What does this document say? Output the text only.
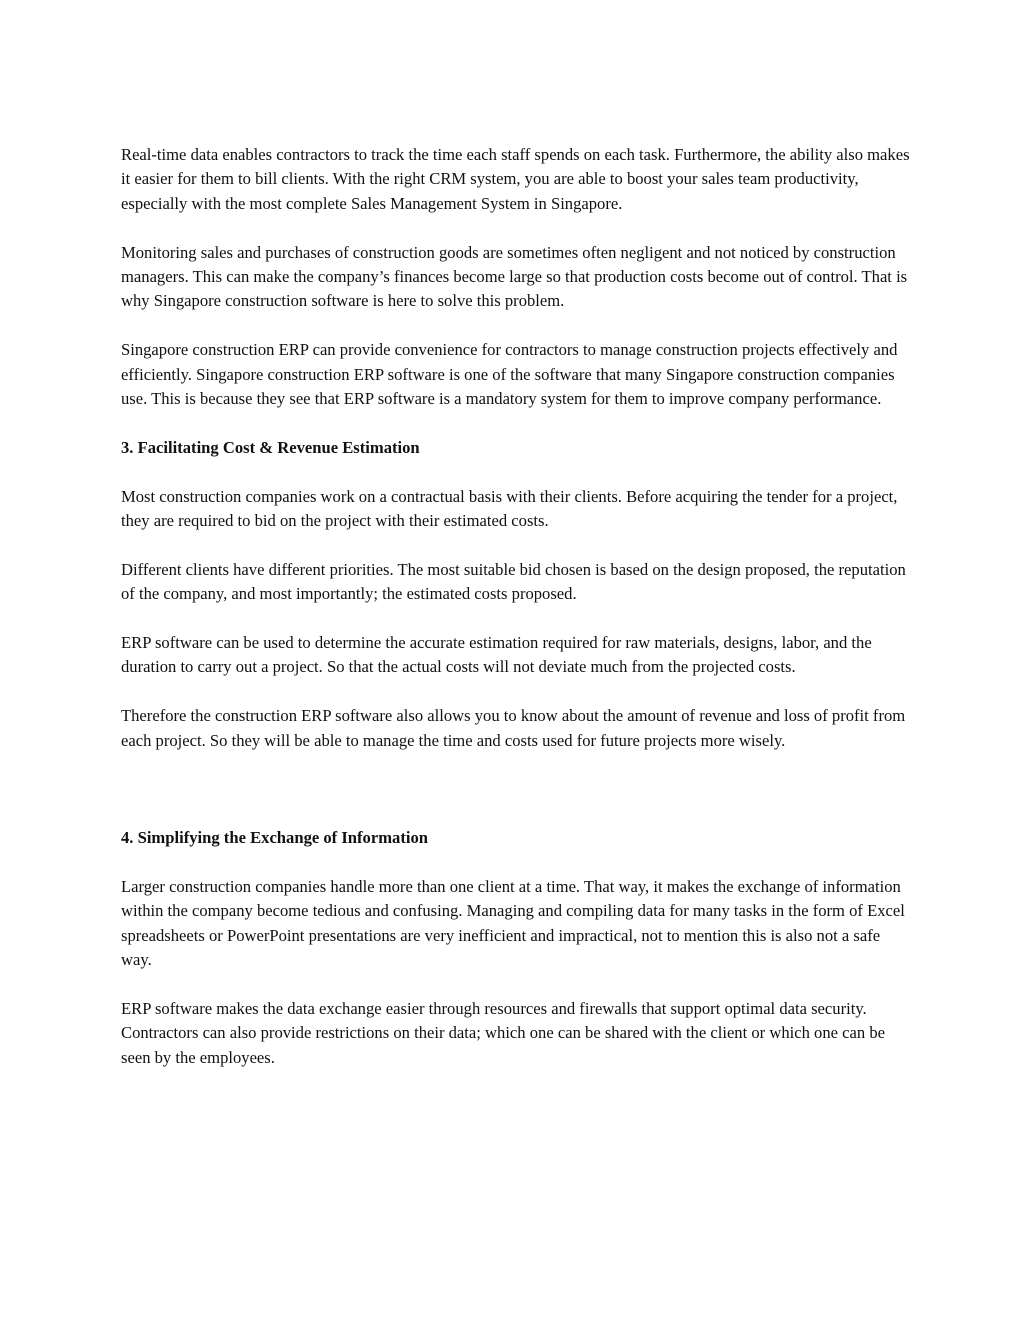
Real-time data enables contractors to track the time each staff spends on each task. Furthermore, the ability also makes it easier for them to bill clients. With the right CRM system, you are able to boost your sales team productivity, especially with the most complete Sales Management System in Singapore.

Monitoring sales and purchases of construction goods are sometimes often negligent and not noticed by construction managers. This can make the company’s finances become large so that production costs become out of control. That is why Singapore construction software is here to solve this problem.

Singapore construction ERP can provide convenience for contractors to manage construction projects effectively and efficiently. Singapore construction ERP software is one of the software that many Singapore construction companies use. This is because they see that ERP software is a mandatory system for them to improve company performance.

3. Facilitating Cost & Revenue Estimation

Most construction companies work on a contractual basis with their clients. Before acquiring the tender for a project, they are required to bid on the project with their estimated costs.

Different clients have different priorities. The most suitable bid chosen is based on the design proposed, the reputation of the company, and most importantly; the estimated costs proposed.

ERP software can be used to determine the accurate estimation required for raw materials, designs, labor, and the duration to carry out a project. So that the actual costs will not deviate much from the projected costs.

Therefore the construction ERP software also allows you to know about the amount of revenue and loss of profit from each project. So they will be able to manage the time and costs used for future projects more wisely.

4. Simplifying the Exchange of Information

Larger construction companies handle more than one client at a time. That way, it makes the exchange of information within the company become tedious and confusing. Managing and compiling data for many tasks in the form of Excel spreadsheets or PowerPoint presentations are very inefficient and impractical, not to mention this is also not a safe way.

ERP software makes the data exchange easier through resources and firewalls that support optimal data security. Contractors can also provide restrictions on their data; which one can be shared with the client or which one can be seen by the employees.
